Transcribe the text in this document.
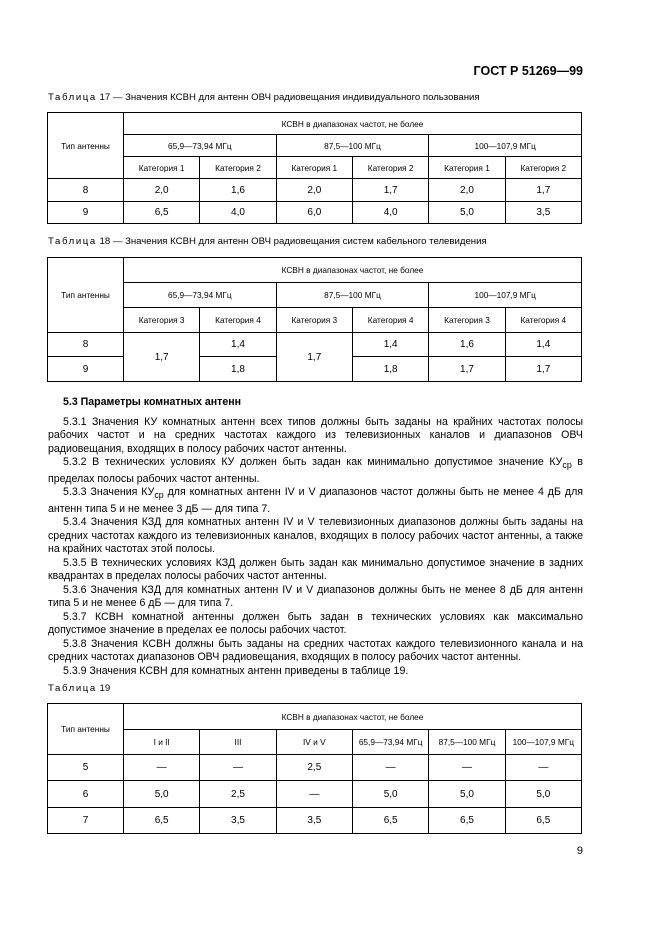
ГОСТ Р 51269—99
Таблица 17 — Значения КСВН для антенн ОВЧ радиовещания индивидуального пользования
Тип антенны	КСВН в диапазонах частот, не более					
	65,9—73,94 МГц		87,5—100 МГц		100—107,9 МГц	
	Категория 1	Категория 2	Категория 1	Категория 2	Категория 1	Категория 2
8	2,0	1,6	2,0	1,7	2,0	1,7
9	6,5	4,0	6,0	4,0	5,0	3,5
Таблица 18 — Значения КСВН для антенн ОВЧ радиовещания систем кабельного телевидения
Тип антенны	КСВН в диапазонах частот, не более					
	65,9—73,94 МГц		87,5—100 МГц		100—107,9 МГц	
	Категория 3	Категория 4	Категория 3	Категория 4	Категория 3	Категория 4
8	1,7	1,4	1,7	1,4	1,6	1,4
9		1,8		1,8	1,7	1,7
5.3 Параметры комнатных антенн

5.3.1 Значения КУ комнатных антенн всех типов должны быть заданы на крайних частотах полосы рабочих частот и на средних частотах каждого из телевизионных каналов и диапазонов ОВЧ радиовещания, входящих в полосу рабочих частот антенны.

5.3.2 В технических условиях КУ должен быть задан как минимально допустимое значение $КУ_{ср}$ в пределах полосы рабочих частот антенны.

5.3.3 Значения $КУ_{ср}$ для комнатных антенн IV и V диапазонов частот должны быть не менее 4 дБ для антенн типа 5 и не менее 3 дБ — для типа 7.

5.3.4 Значения КЗД для комнатных антенн IV и V телевизионных диапазонов должны быть заданы на средних частотах каждого из телевизионных каналов, входящих в полосу рабочих частот антенны, а также на крайних частотах этой полосы.

5.3.5 В технических условиях КЗД должен быть задан как минимально допустимое значение в задних квадрантах в пределах полосы рабочих частот антенны.

5.3.6 Значения КЗД для комнатных антенн IV и V диапазонов должны быть не менее 8 дБ для антенн типа 5 и не менее 6 дБ — для типа 7.

5.3.7 КСВН комнатной антенны должен быть задан в технических условиях как максимально допустимое значение в пределах ее полосы рабочих частот.

5.3.8 Значения КСВН должны быть заданы на средних частотах каждого телевизионного канала и на средних частотах диапазонов ОВЧ радиовещания, входящих в полосу рабочих частот антенны.

5.3.9 Значения КСВН для комнатных антенн приведены в таблице 19.

Таблица 19
Тип антенны	КСВН в диапазонах частот, не более					
	I и II	III	IV и V	65,9—73,94 МГц	87,5—100 МГц	100—107,9 МГц
5	—	—	2,5	—	—	—
6	5,0	2,5	—	5,0	5,0	5,0
7	6,5	3,5	3,5	6,5	6,5	6,5
9
